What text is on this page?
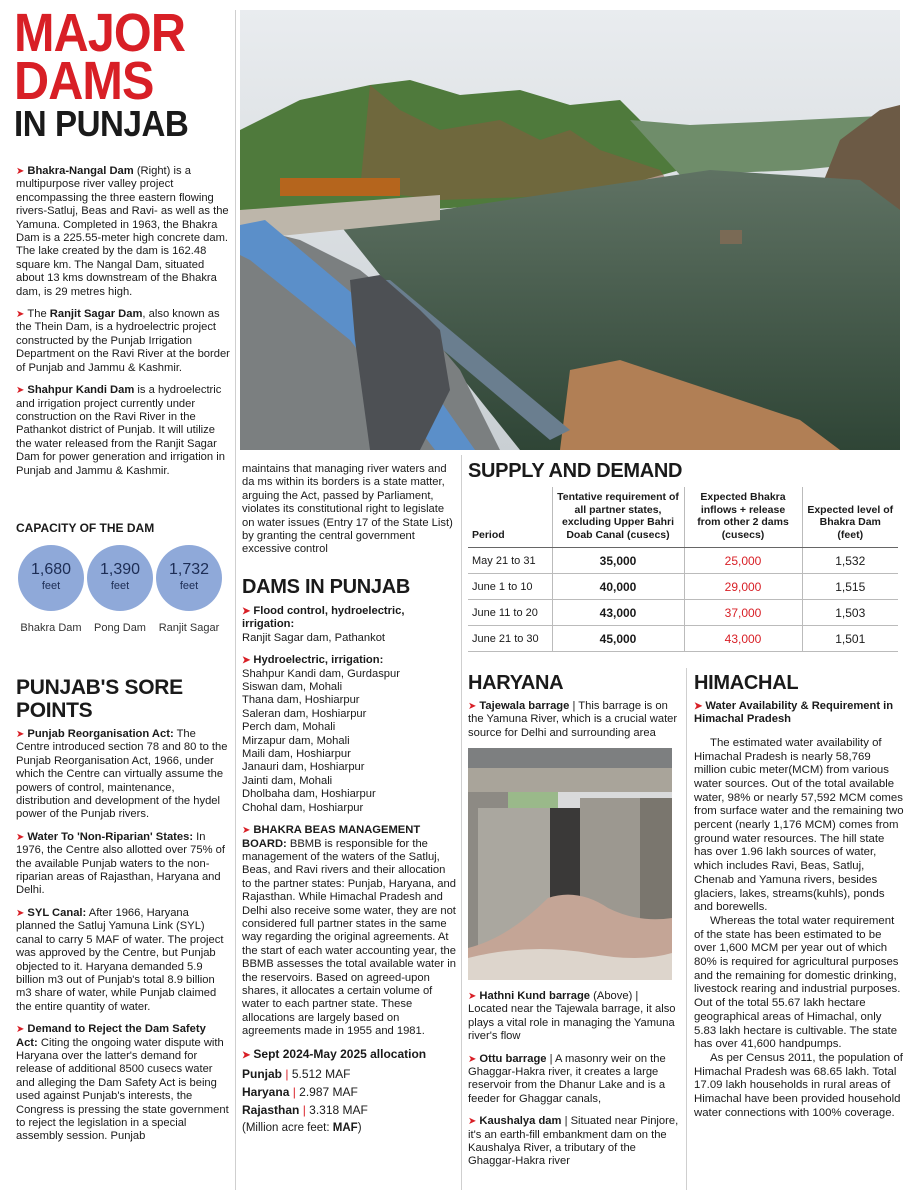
MAJOR
DAMS
IN PUNJAB

➤ Bhakra-Nangal Dam (Right) is a multipurpose river valley project encompassing the three eastern flowing rivers-Satluj, Beas and Ravi- as well as the Yamuna. Completed in 1963, the Bhakra Dam is a 225.55-meter high concrete dam. The lake created by the dam is 162.48 square km. The Nangal Dam, situated about 13 kms downstream of the Bhakra dam, is 29 metres high.

➤ The Ranjit Sagar Dam, also known as the Thein Dam, is a hydroelectric project constructed by the Punjab Irrigation Department on the Ravi River at the border of Punjab and Jammu & Kashmir.

➤ Shahpur Kandi Dam is a hydroelectric and irrigation project currently under construction on the Ravi River in the Pathankot district of Punjab. It will utilize the water released from the Ranjit Sagar Dam for power generation and irrigation in Punjab and Jammu & Kashmir.

CAPACITY OF THE DAM
1,680
feet
1,390
feet
1,732
feet
Bhakra Dam	Pong Dam	Ranjit Sagar
PUNJAB'S SORE POINTS

➤ Punjab Reorganisation Act: The Centre introduced section 78 and 80 to the Punjab Reorganisation Act, 1966, under which the Centre can virtually assume the powers of control, maintenance, distribution and development of the hydel power of the Punjab rivers.

➤ Water To 'Non-Riparian' States: In 1976, the Centre also allotted over 75% of the available Punjab waters to the non-riparian areas of Rajasthan, Haryana and Delhi.

➤ SYL Canal: After 1966, Haryana planned the Satluj Yamuna Link (SYL) canal to carry 5 MAF of water. The project was approved by the Centre, but Punjab objected to it. Haryana demanded 5.9 billion m3 out of Punjab's total 8.9 billion m3 share of water, while Punjab claimed the entire quantity of water.

➤ Demand to Reject the Dam Safety Act: Citing the ongoing water dispute with Haryana over the latter's demand for release of additional 8500 cusecs water and alleging the Dam Safety Act is being used against Punjab's interests, the Congress is pressing the state government to reject the legislation in a special assembly session. Punjab

maintains that managing river waters and da ms within its borders is a state matter, arguing the Act, passed by Parliament, violates its constitutional right to legislate on water issues (Entry 17 of the State List) by granting the central government excessive control
DAMS IN PUNJAB
➤ Flood control, hydroelectric, irrigation:
Ranjit Sagar dam, Pathankot
➤ Hydroelectric, irrigation:
Shahpur Kandi dam, Gurdaspur
Siswan dam, Mohali
Thana dam, Hoshiarpur
Saleran dam, Hoshiarpur
Perch dam, Mohali
Mirzapur dam, Mohali
Maili dam, Hoshiarpur
Janauri dam, Hoshiarpur
Jainti dam, Mohali
Dholbaha dam, Hoshiarpur
Chohal dam, Hoshiarpur

➤ BHAKRA BEAS MANAGEMENT BOARD: BBMB is responsible for the management of the waters of the Satluj, Beas, and Ravi rivers and their allocation to the partner states: Punjab, Haryana, and Rajasthan. While Himachal Pradesh and Delhi also receive some water, they are not considered full partner states in the same way regarding the original agreements. At the start of each water accounting year, the BBMB assesses the total available water in the reservoirs. Based on agreed-upon shares, it allocates a certain volume of water to each partner state. These allocations are largely based on agreements made in 1955 and 1981.

➤ Sept 2024-May 2025 allocation
Punjab | 5.512 MAF
Haryana | 2.987 MAF
Rajasthan | 3.318 MAF
(Million acre feet: MAF)
SUPPLY AND DEMAND
Period	Tentative requirement of all partner states, excluding Upper Bahri Doab Canal (cusecs)	Expected Bhakra inflows + release from other 2 dams (cusecs)	Expected level of Bhakra Dam (feet)
May 21 to 31	35,000	25,000	1,532
June 1 to 10	40,000	29,000	1,515
June 11 to 20	43,000	37,000	1,503
June 21 to 30	45,000	43,000	1,501
HARYANA
➤ Tajewala barrage | This barrage is on the Yamuna River, which is a crucial water source for Delhi and surrounding area

➤ Hathni Kund barrage (Above) | Located near the Tajewala barrage, it also plays a vital role in managing the Yamuna river's flow

➤ Ottu barrage | A masonry weir on the Ghaggar-Hakra river, it creates a large reservoir from the Dhanur Lake and is a feeder for Ghaggar canals,

➤ Kaushalya dam | Situated near Pinjore, it's an earth-fill embankment dam on the Kaushalya River, a tributary of the Ghaggar-Hakra river

HIMACHAL
➤ Water Availability & Requirement in Himachal Pradesh

The estimated water availability of Himachal Pradesh is nearly 58,769 million cubic meter(MCM) from various water sources. Out of the total available water, 98% or nearly 57,592 MCM comes from surface water and the remaining two percent (nearly 1,176 MCM) comes from ground water resources. The hill state has over 1.96 lakh sources of water, which includes Ravi, Beas, Satluj, Chenab and Yamuna rivers, besides glaciers, lakes, streams(kuhls), ponds and borewells.

Whereas the total water requirement of the state has been estimated to be over 1,600 MCM per year out of which 80% is required for agricultural purposes and the remaining for domestic drinking, livestock rearing and industrial purposes. Out of the total 55.67 lakh hectare geographical areas of Himachal, only 5.83 lakh hectare is cultivable. The state has over 41,600 handpumps.

As per Census 2011, the population of Himachal Pradesh was 68.65 lakh. Total 17.09 lakh households in rural areas of Himachal have been provided household water connections with 100% coverage.
